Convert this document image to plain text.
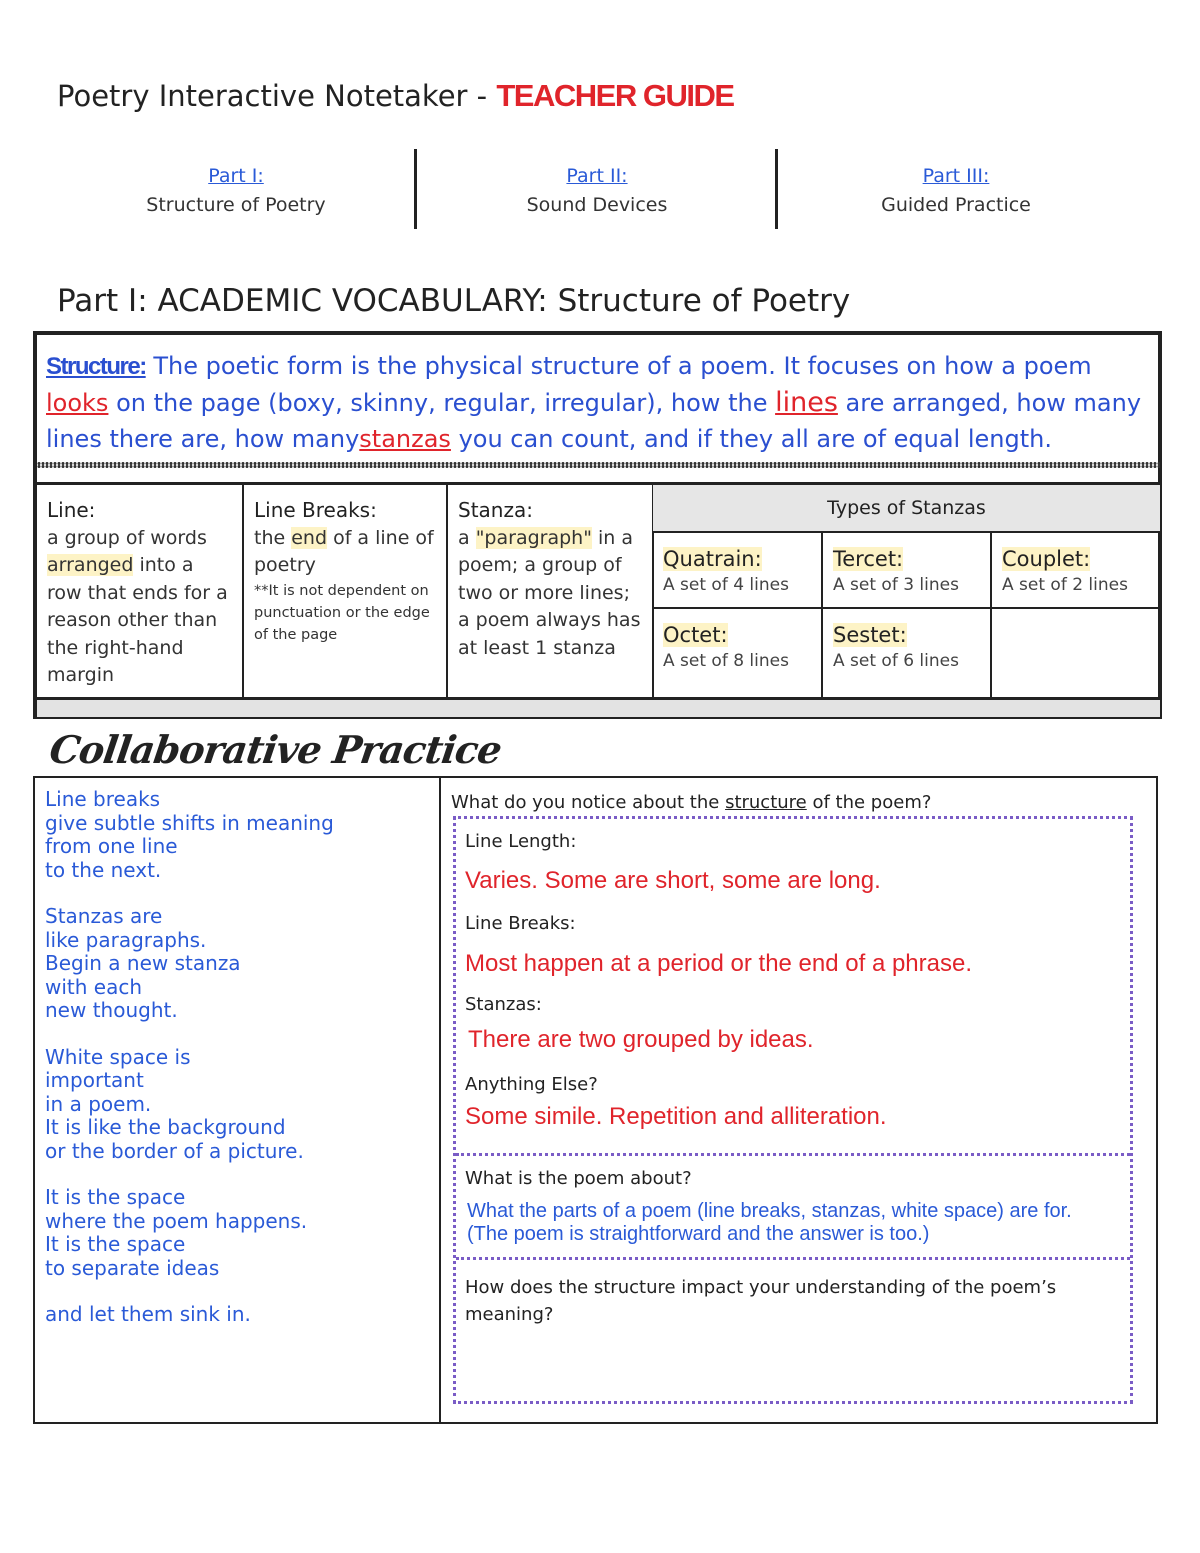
Poetry Interactive Notetaker - TEACHER GUIDE
Part I:
Structure of Poetry
Part II:
Sound Devices
Part III:
Guided Practice
Part I: ACADEMIC VOCABULARY: Structure of Poetry
Structure: The poetic form is the physical structure of a poem. It focuses on how a poem looks on the page (boxy, skinny, regular, irregular), how the lines are arranged, how many lines there are, how manystanzas you can count, and if they all are of equal length.
Line:
a group of words arranged into a row that ends for a reason other than the right-hand margin
Line Breaks:
the end of a line of poetry
**It is not dependent on punctuation or the edge of the page
Stanza:
a "paragraph" in a poem; a group of two or more lines; a poem always has at least 1 stanza
Types of Stanzas
Quatrain:
A set of 4 lines
Tercet:
A set of 3 lines
Couplet:
A set of 2 lines
Octet:
A set of 8 lines
Sestet:
A set of 6 lines
Collaborative Practice
Line breaks
give subtle shifts in meaning
from one line
to the next.
Stanzas are
like paragraphs.
Begin a new stanza
with each
new thought.
White space is
important
in a poem.
It is like the background
or the border of a picture.
It is the space
where the poem happens.
It is the space
to separate ideas
and let them sink in.
What do you notice about the structure of the poem?
Line Length:
Varies. Some are short, some are long.
Line Breaks:
Most happen at a period or the end of a phrase.
Stanzas:
There are two grouped by ideas.
Anything Else?
Some simile. Repetition and alliteration.
What is the poem about?
What the parts of a poem (line breaks, stanzas, white space) are for. (The poem is straightforward and the answer is too.)
How does the structure impact your understanding of the poem’s meaning?
